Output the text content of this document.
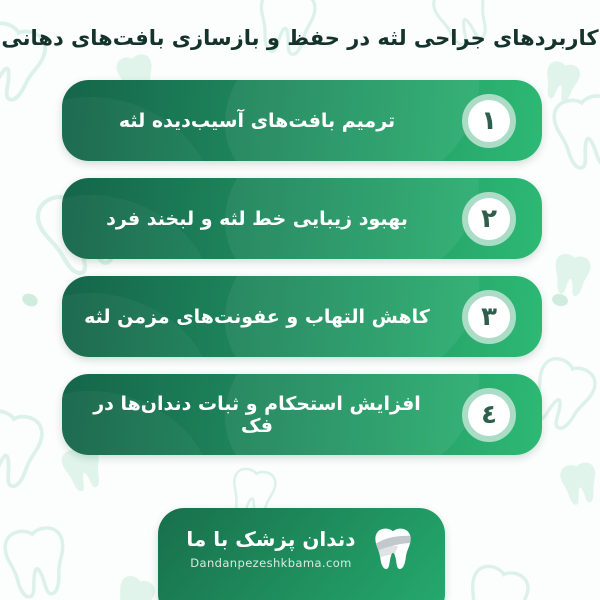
کاربردهای جراحی لثه در حفظ و بازسازی بافت‌های دهانی
ترمیم بافت‌های آسیب‌دیده لثه	١
بهبود زیبایی خط لثه و لبخند فرد	٢
کاهش التهاب و عفونت‌های مزمن لثه ٣
افزایش استحکام و ثبات دندان‌ها در فک	٤
دندان پزشک با ما
Dandanpezeshkbama.com
